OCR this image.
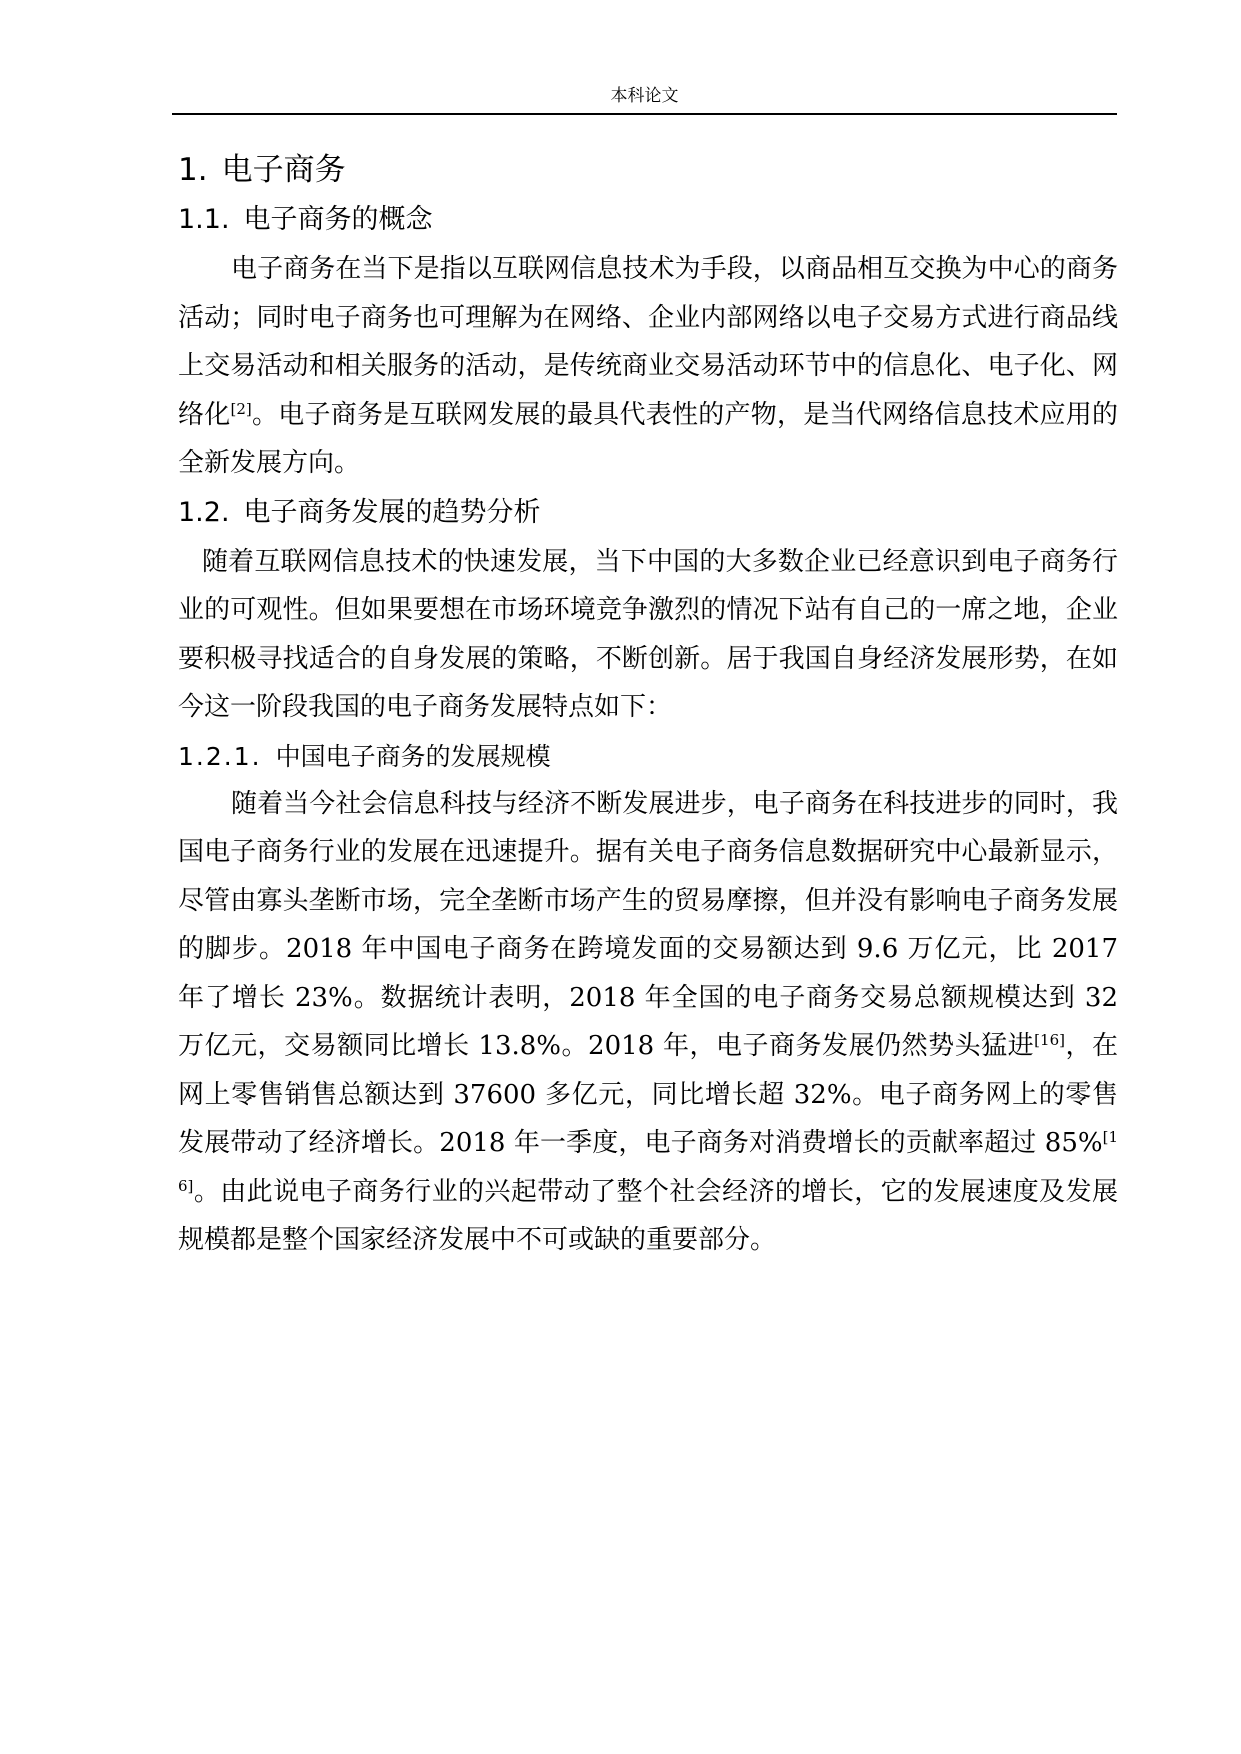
本科论文
1. 电子商务
1.1. 电子商务的概念

电子商务在当下是指以互联网信息技术为手段，以商品相互交换为中心的商务活动；同时电子商务也可理解为在网络、企业内部网络以电子交易方式进行商品线上交易活动和相关服务的活动，是传统商业交易活动环节中的信息化、电子化、网络化[2]。电子商务是互联网发展的最具代表性的产物，是当代网络信息技术应用的全新发展方向。

1.2. 电子商务发展的趋势分析

随着互联网信息技术的快速发展，当下中国的大多数企业已经意识到电子商务行业的可观性。但如果要想在市场环境竞争激烈的情况下站有自己的一席之地，企业要积极寻找适合的自身发展的策略，不断创新。居于我国自身经济发展形势，在如今这一阶段我国的电子商务发展特点如下：

1.2.1. 中国电子商务的发展规模

随着当今社会信息科技与经济不断发展进步，电子商务在科技进步的同时，我国电子商务行业的发展在迅速提升。据有关电子商务信息数据研究中心最新显示，尽管由寡头垄断市场，完全垄断市场产生的贸易摩擦，但并没有影响电子商务发展的脚步。2018 年中国电子商务在跨境发面的交易额达到 9.6 万亿元，比 2017 年了增长 23%。数据统计表明，2018 年全国的电子商务交易总额规模达到 32 万亿元，交易额同比增长 13.8%。2018 年，电子商务发展仍然势头猛进[16]，在网上零售销售总额达到 37600 多亿元，同比增长超 32%。电子商务网上的零售发展带动了经济增长。2018 年一季度，电子商务对消费增长的贡献率超过 85%[16]。由此说电子商务行业的兴起带动了整个社会经济的增长，它的发展速度及发展规模都是整个国家经济发展中不可或缺的重要部分。
